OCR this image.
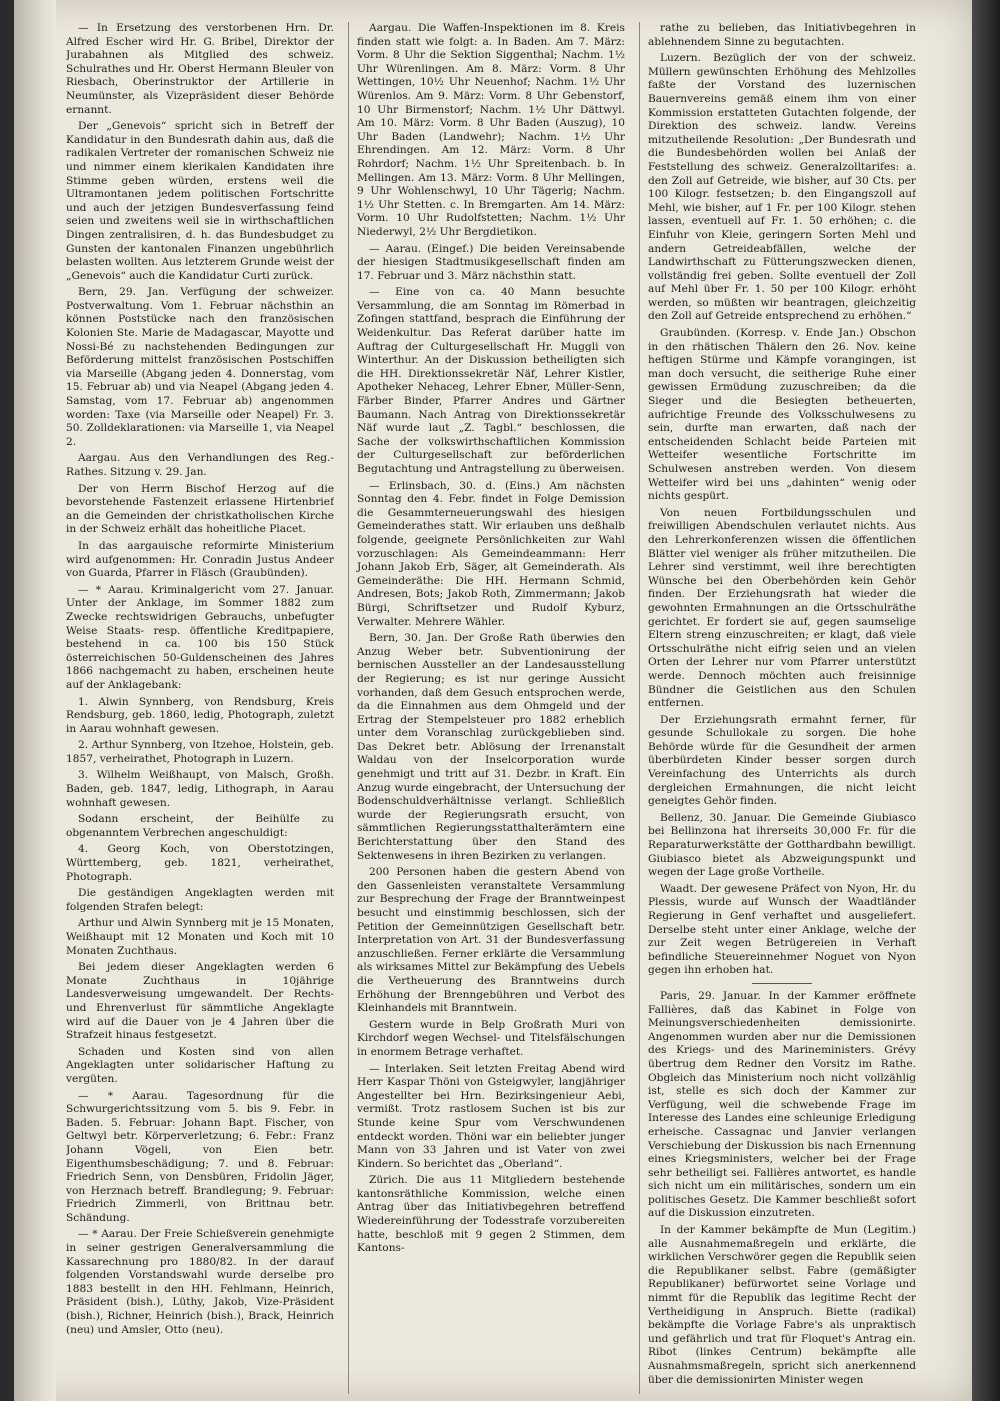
— In Ersetzung des verstorbenen Hrn. Dr. Alfred Escher wird Hr. G. Bribel, Direktor der Jurabahnen als Mitglied des schweiz. Schulrathes und Hr. Oberst Hermann Bleuler von Riesbach, Oberinstruktor der Artillerie in Neumünster, als Vizepräsident dieser Behörde ernannt.

Der „Genevois“ spricht sich in Betreff der Kandidatur in den Bundesrath dahin aus, daß die radikalen Vertreter der romanischen Schweiz nie und nimmer einem klerikalen Kandidaten ihre Stimme geben würden, erstens weil die Ultramontanen jedem politischen Fortschritte und auch der jetzigen Bundesverfassung feind seien und zweitens weil sie in wirthschaftlichen Dingen zentralisiren, d. h. das Bundesbudget zu Gunsten der kantonalen Finanzen ungebührlich belasten wollten. Aus letzterem Grunde weist der „Genevois“ auch die Kandidatur Curti zurück.

Bern, 29. Jan. Verfügung der schweizer. Postverwaltung. Vom 1. Februar nächsthin an können Poststücke nach den französischen Kolonien Ste. Marie de Madagascar, Mayotte und Nossi-Bé zu nachstehenden Bedingungen zur Beförderung mittelst französischen Postschiffen via Marseille (Abgang jeden 4. Donnerstag, vom 15. Februar ab) und via Neapel (Abgang jeden 4. Samstag, vom 17. Februar ab) angenommen worden: Taxe (via Marseille oder Neapel) Fr. 3. 50. Zolldeklarationen: via Marseille 1, via Neapel 2.

Aargau. Aus den Verhandlungen des Reg.-Rathes. Sitzung v. 29. Jan.

Der von Herrn Bischof Herzog auf die bevorstehende Fastenzeit erlassene Hirtenbrief an die Gemeinden der christkatholischen Kirche in der Schweiz erhält das hoheitliche Placet.

In das aargauische reformirte Ministerium wird aufgenommen: Hr. Conradin Justus Andeer von Guarda, Pfarrer in Fläsch (Graubünden).

— * Aarau. Kriminalgericht vom 27. Januar. Unter der Anklage, im Sommer 1882 zum Zwecke rechtswidrigen Gebrauchs, unbefugter Weise Staats- resp. öffentliche Kreditpapiere, bestehend in ca. 100 bis 150 Stück österreichischen 50-Guldenscheinen des Jahres 1866 nachgemacht zu haben, erscheinen heute auf der Anklagebank:

1. Alwin Synnberg, von Rendsburg, Kreis Rendsburg, geb. 1860, ledig, Photograph, zuletzt in Aarau wohnhaft gewesen.

2. Arthur Synnberg, von Itzehoe, Holstein, geb. 1857, verheirathet, Photograph in Luzern.

3. Wilhelm Weißhaupt, von Malsch, Großh. Baden, geb. 1847, ledig, Lithograph, in Aarau wohnhaft gewesen.

Sodann erscheint, der Beihülfe zu obgenanntem Verbrechen angeschuldigt:

4. Georg Koch, von Oberstotzingen, Württemberg, geb. 1821, verheirathet, Photograph.

Die geständigen Angeklagten werden mit folgenden Strafen belegt:

Arthur und Alwin Synnberg mit je 15 Monaten, Weißhaupt mit 12 Monaten und Koch mit 10 Monaten Zuchthaus.

Bei jedem dieser Angeklagten werden 6 Monate Zuchthaus in 10jährige Landesverweisung umgewandelt. Der Rechts- und Ehrenverlust für sämmtliche Angeklagte wird auf die Dauer von je 4 Jahren über die Strafzeit hinaus festgesetzt.

Schaden und Kosten sind von allen Angeklagten unter solidarischer Haftung zu vergüten.

— * Aarau. Tagesordnung für die Schwurgerichtssitzung vom 5. bis 9. Febr. in Baden. 5. Februar: Johann Bapt. Fischer, von Geltwyl betr. Körperverletzung; 6. Febr.: Franz Johann Vögeli, von Eien betr. Eigenthumsbeschädigung; 7. und 8. Februar: Friedrich Senn, von Densbüren, Fridolin Jäger, von Herznach betreff. Brandlegung; 9. Februar: Friedrich Zimmerli, von Brittnau betr. Schändung.

— * Aarau. Der Freie Schießverein genehmigte in seiner gestrigen Generalversammlung die Kassarechnung pro 1880/82. In der darauf folgenden Vorstandswahl wurde derselbe pro 1883 bestellt in den HH. Fehlmann, Heinrich, Präsident (bish.), Lüthy, Jakob, Vize-Präsident (bish.), Richner, Heinrich (bish.), Brack, Heinrich (neu) und Amsler, Otto (neu).

Aargau. Die Waffen-Inspektionen im 8. Kreis finden statt wie folgt: a. In Baden. Am 7. März: Vorm. 8 Uhr die Sektion Siggenthal; Nachm. 1½ Uhr Würenlingen. Am 8. März: Vorm. 8 Uhr Wettingen, 10½ Uhr Neuenhof; Nachm. 1½ Uhr Würenlos. Am 9. März: Vorm. 8 Uhr Gebenstorf, 10 Uhr Birmenstorf; Nachm. 1½ Uhr Dättwyl. Am 10. März: Vorm. 8 Uhr Baden (Auszug), 10 Uhr Baden (Landwehr); Nachm. 1½ Uhr Ehrendingen. Am 12. März: Vorm. 8 Uhr Rohrdorf; Nachm. 1½ Uhr Spreitenbach. b. In Mellingen. Am 13. März: Vorm. 8 Uhr Mellingen, 9 Uhr Wohlenschwyl, 10 Uhr Tägerig; Nachm. 1½ Uhr Stetten. c. In Bremgarten. Am 14. März: Vorm. 10 Uhr Rudolfstetten; Nachm. 1½ Uhr Niederwyl, 2½ Uhr Bergdietikon.

— Aarau. (Eingef.) Die beiden Vereinsabende der hiesigen Stadtmusikgesellschaft finden am 17. Februar und 3. März nächsthin statt.

— Eine von ca. 40 Mann besuchte Versammlung, die am Sonntag im Römerbad in Zofingen stattfand, besprach die Einführung der Weidenkultur. Das Referat darüber hatte im Auftrag der Culturgesellschaft Hr. Muggli von Winterthur. An der Diskussion betheiligten sich die HH. Direktionssekretär Näf, Lehrer Kistler, Apotheker Nehaceg, Lehrer Ebner, Müller-Senn, Färber Binder, Pfarrer Andres und Gärtner Baumann. Nach Antrag von Direktionssekretär Näf wurde laut „Z. Tagbl.“ beschlossen, die Sache der volkswirthschaftlichen Kommission der Culturgesellschaft zur beförderlichen Begutachtung und Antragstellung zu überweisen.

— Erlinsbach, 30. d. (Eins.) Am nächsten Sonntag den 4. Febr. findet in Folge Demission die Gesammterneuerungswahl des hiesigen Gemeinderathes statt. Wir erlauben uns deßhalb folgende, geeignete Persönlichkeiten zur Wahl vorzuschlagen: Als Gemeindeammann: Herr Johann Jakob Erb, Säger, alt Gemeinderath. Als Gemeinderäthe: Die HH. Hermann Schmid, Andresen, Bots; Jakob Roth, Zimmermann; Jakob Bürgi, Schriftsetzer und Rudolf Kyburz, Verwalter. Mehrere Wähler.

Bern, 30. Jan. Der Große Rath überwies den Anzug Weber betr. Subventionirung der bernischen Aussteller an der Landesausstellung der Regierung; es ist nur geringe Aussicht vorhanden, daß dem Gesuch entsprochen werde, da die Einnahmen aus dem Ohmgeld und der Ertrag der Stempelsteuer pro 1882 erheblich unter dem Voranschlag zurückgeblieben sind. Das Dekret betr. Ablösung der Irrenanstalt Waldau von der Inselcorporation wurde genehmigt und tritt auf 31. Dezbr. in Kraft. Ein Anzug wurde eingebracht, der Untersuchung der Bodenschuldverhältnisse verlangt. Schließlich wurde der Regierungsrath ersucht, von sämmtlichen Regierungsstatthalterämtern eine Berichterstattung über den Stand des Sektenwesens in ihren Bezirken zu verlangen.

200 Personen haben die gestern Abend von den Gassenleisten veranstaltete Versammlung zur Besprechung der Frage der Branntweinpest besucht und einstimmig beschlossen, sich der Petition der Gemeinnützigen Gesellschaft betr. Interpretation von Art. 31 der Bundesverfassung anzuschließen. Ferner erklärte die Versammlung als wirksames Mittel zur Bekämpfung des Uebels die Vertheuerung des Branntweins durch Erhöhung der Brenngebühren und Verbot des Kleinhandels mit Branntwein.

Gestern wurde in Belp Großrath Muri von Kirchdorf wegen Wechsel- und Titelsfälschungen in enormem Betrage verhaftet.

— Interlaken. Seit letzten Freitag Abend wird Herr Kaspar Thöni von Gsteigwyler, langjähriger Angestellter bei Hrn. Bezirksingenieur Aebi, vermißt. Trotz rastlosem Suchen ist bis zur Stunde keine Spur vom Verschwundenen entdeckt worden. Thöni war ein beliebter junger Mann von 33 Jahren und ist Vater von zwei Kindern. So berichtet das „Oberland“.

Zürich. Die aus 11 Mitgliedern bestehende kantonsräthliche Kommission, welche einen Antrag über das Initiativbegehren betreffend Wiedereinführung der Todesstrafe vorzubereiten hatte, beschloß mit 9 gegen 2 Stimmen, dem Kantons-

rathe zu belieben, das Initiativbegehren in ablehnendem Sinne zu begutachten.

Luzern. Bezüglich der von der schweiz. Müllern gewünschten Erhöhung des Mehlzolles faßte der Vorstand des luzernischen Bauernvereins gemäß einem ihm von einer Kommission erstatteten Gutachten folgende, der Direktion des schweiz. landw. Vereins mitzutheilende Resolution: „Der Bundesrath und die Bundesbehörden wollen bei Anlaß der Feststellung des schweiz. Generalzolltarifes: a. den Zoll auf Getreide, wie bisher, auf 30 Cts. per 100 Kilogr. festsetzen; b. den Eingangszoll auf Mehl, wie bisher, auf 1 Fr. per 100 Kilogr. stehen lassen, eventuell auf Fr. 1. 50 erhöhen; c. die Einfuhr von Kleie, geringern Sorten Mehl und andern Getreideabfällen, welche der Landwirthschaft zu Fütterungszwecken dienen, vollständig frei geben. Sollte eventuell der Zoll auf Mehl über Fr. 1. 50 per 100 Kilogr. erhöht werden, so müßten wir beantragen, gleichzeitig den Zoll auf Getreide entsprechend zu erhöhen.“

Graubünden. (Korresp. v. Ende Jan.) Obschon in den rhätischen Thälern den 26. Nov. keine heftigen Stürme und Kämpfe vorangingen, ist man doch versucht, die seitherige Ruhe einer gewissen Ermüdung zuzuschreiben; da die Sieger und die Besiegten betheuerten, aufrichtige Freunde des Volksschulwesens zu sein, durfte man erwarten, daß nach der entscheidenden Schlacht beide Parteien mit Wetteifer wesentliche Fortschritte im Schulwesen anstreben werden. Von diesem Wetteifer wird bei uns „dahinten“ wenig oder nichts gespürt.

Von neuen Fortbildungsschulen und freiwilligen Abendschulen verlautet nichts. Aus den Lehrerkonferenzen wissen die öffentlichen Blätter viel weniger als früher mitzutheilen. Die Lehrer sind verstimmt, weil ihre berechtigten Wünsche bei den Oberbehörden kein Gehör finden. Der Erziehungsrath hat wieder die gewohnten Ermahnungen an die Ortsschulräthe gerichtet. Er fordert sie auf, gegen saumselige Eltern streng einzuschreiten; er klagt, daß viele Ortsschulräthe nicht eifrig seien und an vielen Orten der Lehrer nur vom Pfarrer unterstützt werde. Dennoch möchten auch freisinnige Bündner die Geistlichen aus den Schulen entfernen.

Der Erziehungsrath ermahnt ferner, für gesunde Schullokale zu sorgen. Die hohe Behörde würde für die Gesundheit der armen überbürdeten Kinder besser sorgen durch Vereinfachung des Unterrichts als durch dergleichen Ermahnungen, die nicht leicht geneigtes Gehör finden.

Bellenz, 30. Januar. Die Gemeinde Giubiasco bei Bellinzona hat ihrerseits 30,000 Fr. für die Reparaturwerkstätte der Gotthardbahn bewilligt. Giubiasco bietet als Abzweigungspunkt und wegen der Lage große Vortheile.

Waadt. Der gewesene Präfect von Nyon, Hr. du Plessis, wurde auf Wunsch der Waadtländer Regierung in Genf verhaftet und ausgeliefert. Derselbe steht unter einer Anklage, welche der zur Zeit wegen Betrügereien in Verhaft befindliche Steuereinnehmer Noguet von Nyon gegen ihn erhoben hat.

Paris, 29. Januar. In der Kammer eröffnete Fallières, daß das Kabinet in Folge von Meinungsverschiedenheiten demissionirte. Angenommen wurden aber nur die Demissionen des Kriegs- und des Marineministers. Grévy übertrug dem Redner den Vorsitz im Rathe. Obgleich das Ministerium noch nicht vollzählig ist, stelle es sich doch der Kammer zur Verfügung, weil die schwebende Frage im Interesse des Landes eine schleunige Erledigung erheische. Cassagnac und Janvier verlangen Verschiebung der Diskussion bis nach Ernennung eines Kriegsministers, welcher bei der Frage sehr betheiligt sei. Fallières antwortet, es handle sich nicht um ein militärisches, sondern um ein politisches Gesetz. Die Kammer beschließt sofort auf die Diskussion einzutreten.

In der Kammer bekämpfte de Mun (Legitim.) alle Ausnahmemaßregeln und erklärte, die wirklichen Verschwörer gegen die Republik seien die Republikaner selbst. Fabre (gemäßigter Republikaner) befürwortet seine Vorlage und nimmt für die Republik das legitime Recht der Vertheidigung in Anspruch. Biette (radikal) bekämpfte die Vorlage Fabre's als unpraktisch und gefährlich und trat für Floquet's Antrag ein. Ribot (linkes Centrum) bekämpfte alle Ausnahmsmaßregeln, spricht sich anerkennend über die demissionirten Minister wegen
